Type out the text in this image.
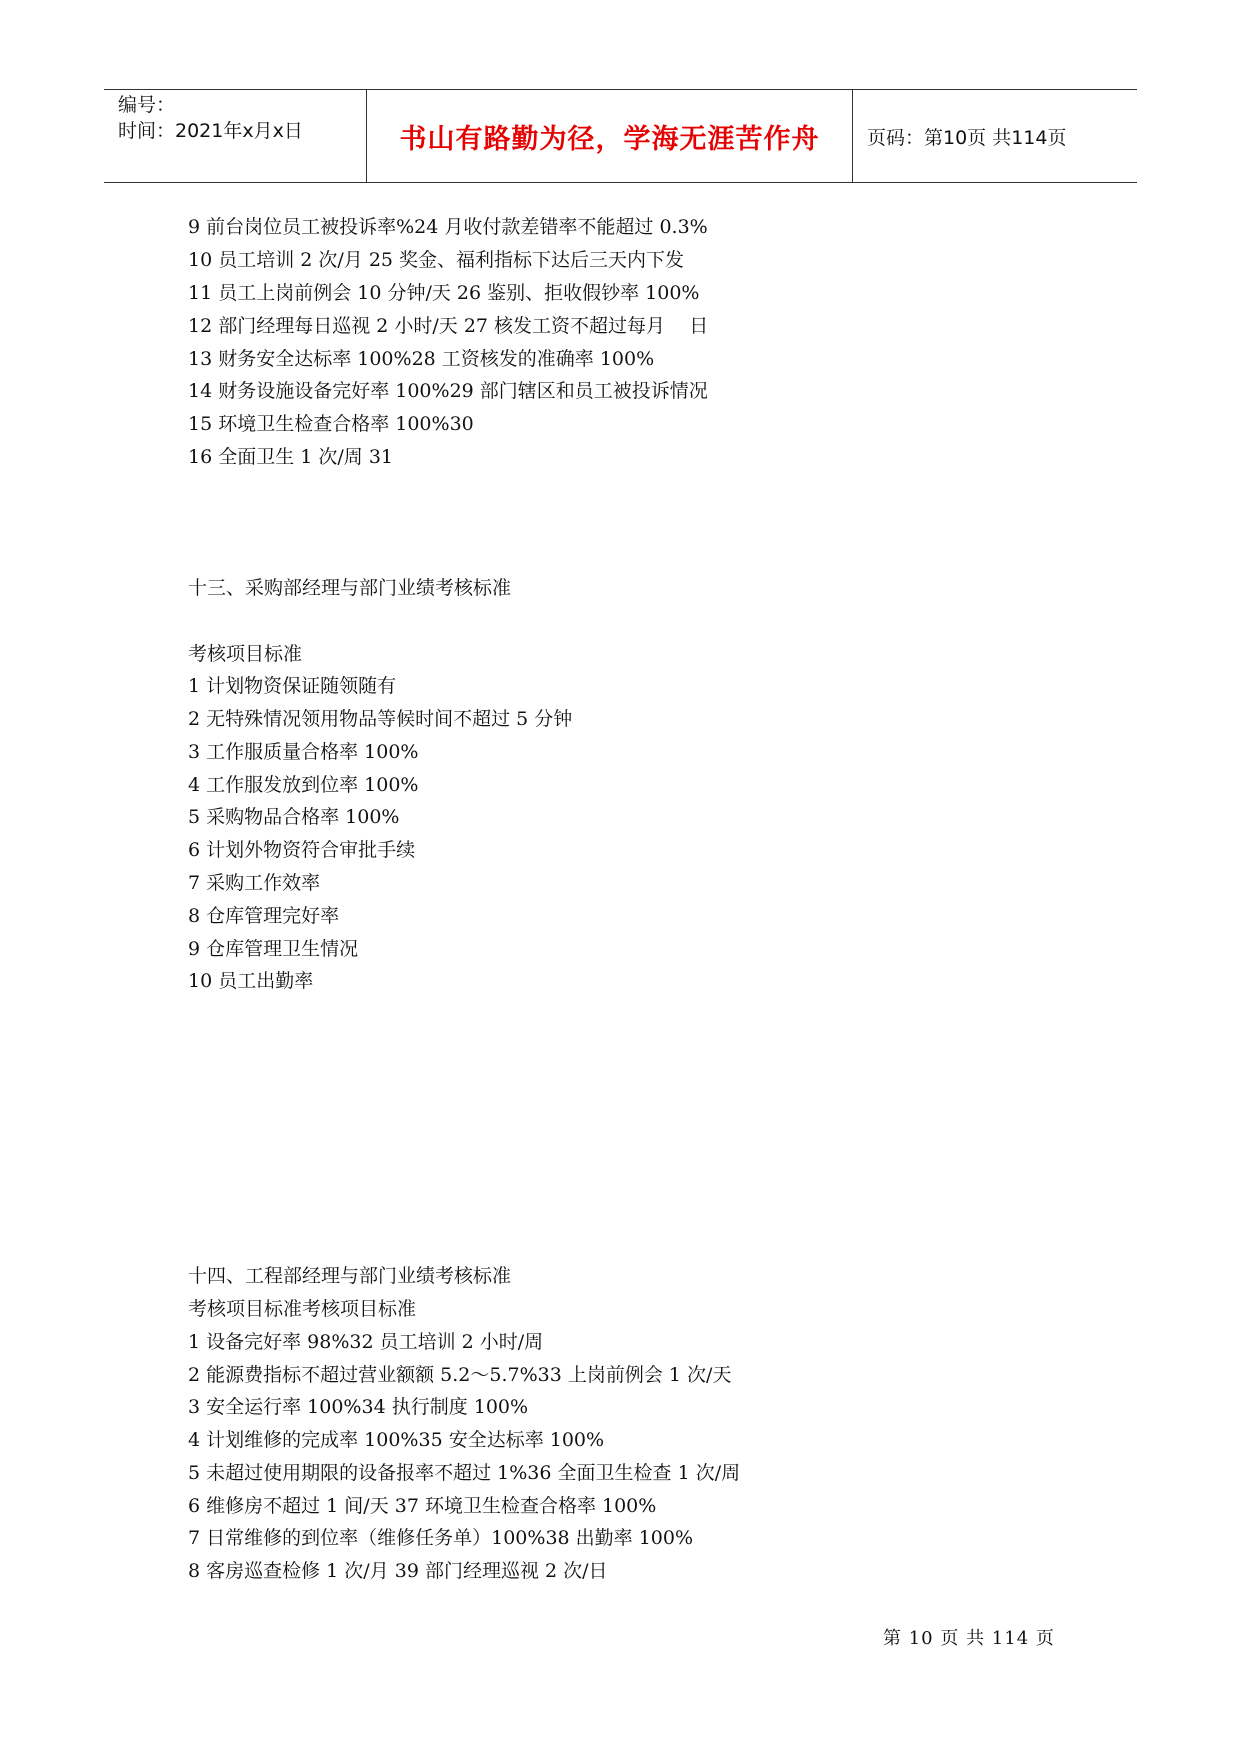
编号：
时间：2021年x月x日	书山有路勤为径，学海无涯苦作舟	页码：第10页 共114页
9 前台岗位员工被投诉率%24 月收付款差错率不能超过 0.3%
10 员工培训 2 次/月 25 奖金、福利指标下达后三天内下发
11 员工上岗前例会 10 分钟/天 26 鉴别、拒收假钞率 100%
12 部门经理每日巡视 2 小时/天 27 核发工资不超过每月    日
13 财务安全达标率 100%28 工资核发的准确率 100%
14 财务设施设备完好率 100%29 部门辖区和员工被投诉情况
15 环境卫生检查合格率 100%30
16 全面卫生 1 次/周 31
十三、采购部经理与部门业绩考核标准
考核项目标准
1 计划物资保证随领随有
2 无特殊情况领用物品等候时间不超过 5 分钟
3 工作服质量合格率 100%
4 工作服发放到位率 100%
5 采购物品合格率 100%
6 计划外物资符合审批手续
7 采购工作效率
8 仓库管理完好率
9 仓库管理卫生情况
10 员工出勤率
十四、工程部经理与部门业绩考核标准
考核项目标准考核项目标准
1 设备完好率 98%32 员工培训 2 小时/周
2 能源费指标不超过营业额额 5.2～5.7%33 上岗前例会 1 次/天
3 安全运行率 100%34 执行制度 100%
4 计划维修的完成率 100%35 安全达标率 100%
5 未超过使用期限的设备报率不超过 1%36 全面卫生检查 1 次/周
6 维修房不超过 1 间/天 37 环境卫生检查合格率 100%
7 日常维修的到位率（维修任务单）100%38 出勤率 100%
8 客房巡查检修 1 次/月 39 部门经理巡视 2 次/日
第 10 页 共 114 页
